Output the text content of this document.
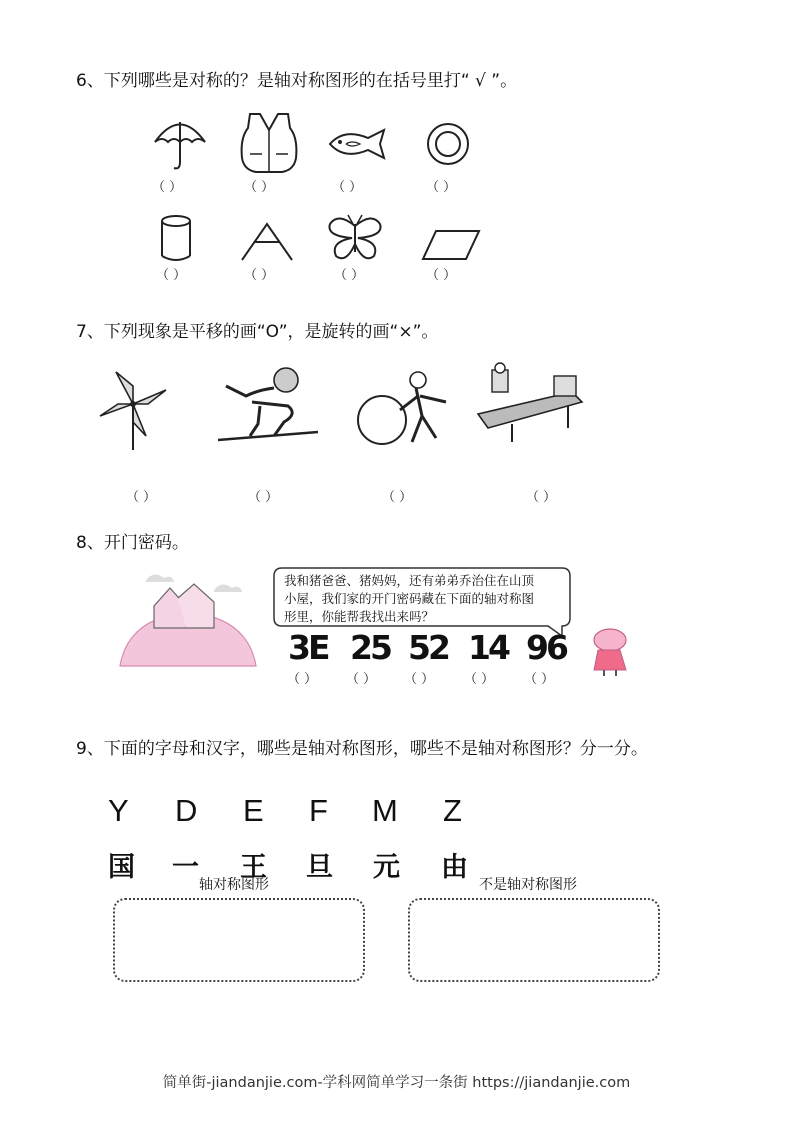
6、下列哪些是对称的？是轴对称图形的在括号里打“ √ ”。
（ ）	（ ）	（ ）	（ ）
（ ）	（ ）	（ ）	（ ）
7、下列现象是平移的画“O”，是旋转的画“×”。
（ ）	（ ）	（ ）	（ ）
8、开门密码。
我和猪爸爸、猪妈妈，还有弟弟乔治住在山顶
小屋，我们家的开门密码藏在下面的轴对称图
形里，你能帮我找出来吗？
3E 25 52 14 96
（ ） （ ） （ ） （ ） （ ）
9、下面的字母和汉字，哪些是轴对称图形，哪些不是轴对称图形？分一分。
Y D E F M Z
国 一 王 旦 元 由
轴对称图形	不是轴对称图形
简单街-jiandanjie.com-学科网简单学习一条街 https://jiandanjie.com
